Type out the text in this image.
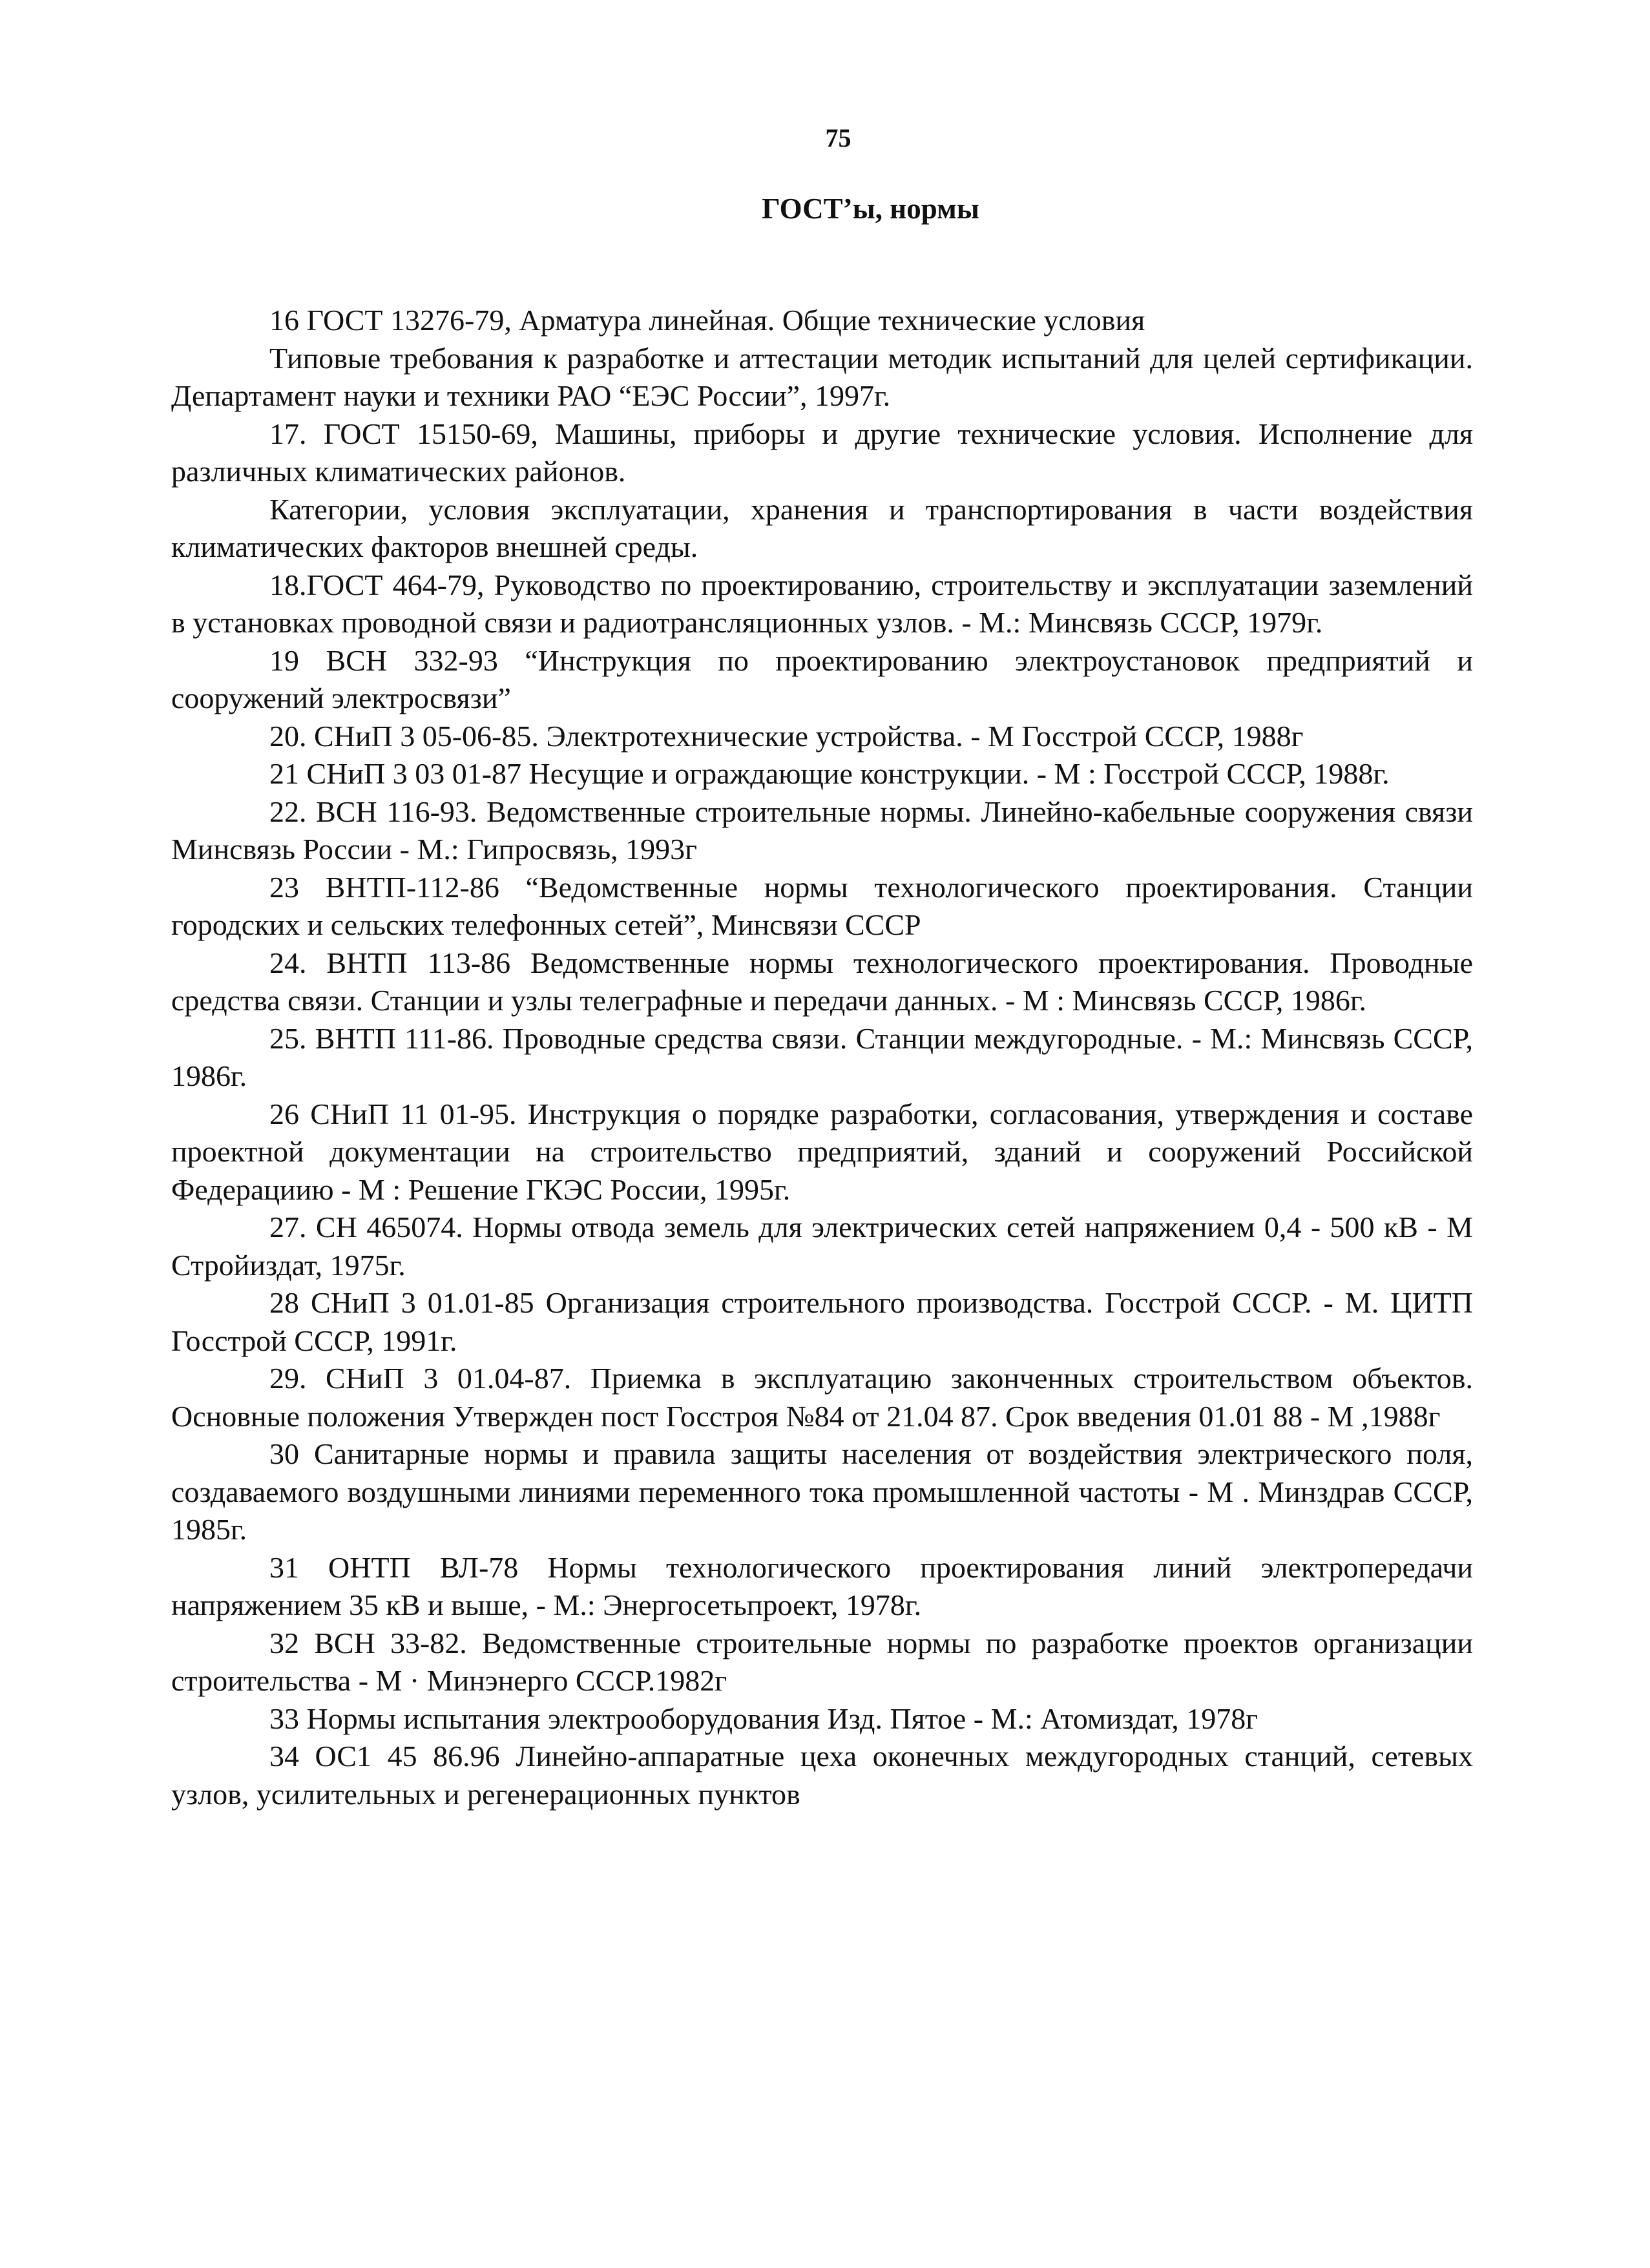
75

ГОСТ’ы, нормы

16 ГОСТ 13276-79, Арматура линейная. Общие технические условия

Типовые требования к разработке и аттестации методик испытаний для целей сертификации. Департамент науки и техники РАО “ЕЭС России”, 1997г.

17. ГОСТ 15150-69, Машины, приборы и другие технические условия. Исполнение для различных климатических районов.

Категории, условия эксплуатации, хранения и транспортирования в части воздействия климатических факторов внешней среды.

18.ГОСТ 464-79, Руководство по проектированию, строительству и эксплуатации заземлений в установках проводной связи и радиотрансляционных узлов. - М.: Минсвязь СССР, 1979г.

19 ВСН 332-93 “Инструкция по проектированию электроустановок предприятий и сооружений электросвязи”

20. СНиП 3 05-06-85. Электротехнические устройства. - М Госстрой СССР, 1988г

21 СНиП 3 03 01-87 Несущие и ограждающие конструкции. - М : Госстрой СССР, 1988г.

22. ВСН 116-93. Ведомственные строительные нормы. Линейно-кабельные сооружения связи Минсвязь России - М.: Гипросвязь, 1993г

23 ВНТП-112-86 “Ведомственные нормы технологического проектирования. Станции городских и сельских телефонных сетей”, Минсвязи СССР

24. ВНТП 113-86 Ведомственные нормы технологического проектирования. Проводные средства связи. Станции и узлы телеграфные и передачи данных. - М : Минсвязь СССР, 1986г.

25. ВНТП 111-86. Проводные средства связи. Станции междугородные. - М.: Минсвязь СССР, 1986г.

26 СНиП 11 01-95. Инструкция о порядке разработки, согласования, утверждения и составе проектной документации на строительство предприятий, зданий и сооружений Российской Федерациию - М : Решение ГКЭС России, 1995г.

27. СН 465074. Нормы отвода земель для электрических сетей напряжением 0,4 - 500 кВ - М Стройиздат, 1975г.

28 СНиП 3 01.01-85 Организация строительного производства. Госстрой СССР. - М. ЦИТП Госстрой СССР, 1991г.

29. СНиП 3 01.04-87. Приемка в эксплуатацию законченных строительством объектов. Основные положения Утвержден пост Госстроя №84 от 21.04 87. Срок введения 01.01 88 - М ,1988г

30 Санитарные нормы и правила защиты населения от воздействия электрического поля, создаваемого воздушными линиями переменного тока промышленной частоты - М . Минздрав СССР, 1985г.

31 ОНТП ВЛ-78 Нормы технологического проектирования линий электропередачи напряжением 35 кВ и выше, - М.: Энергосетьпроект, 1978г.

32 ВСН 33-82. Ведомственные строительные нормы по разработке проектов организации строительства - М · Минэнерго СССР.1982г

33 Нормы испытания электрооборудования Изд. Пятое - М.: Атомиздат, 1978г

34 ОС1 45 86.96 Линейно-аппаратные цеха оконечных междугородных станций, сетевых узлов, усилительных и регенерационных пунктов
